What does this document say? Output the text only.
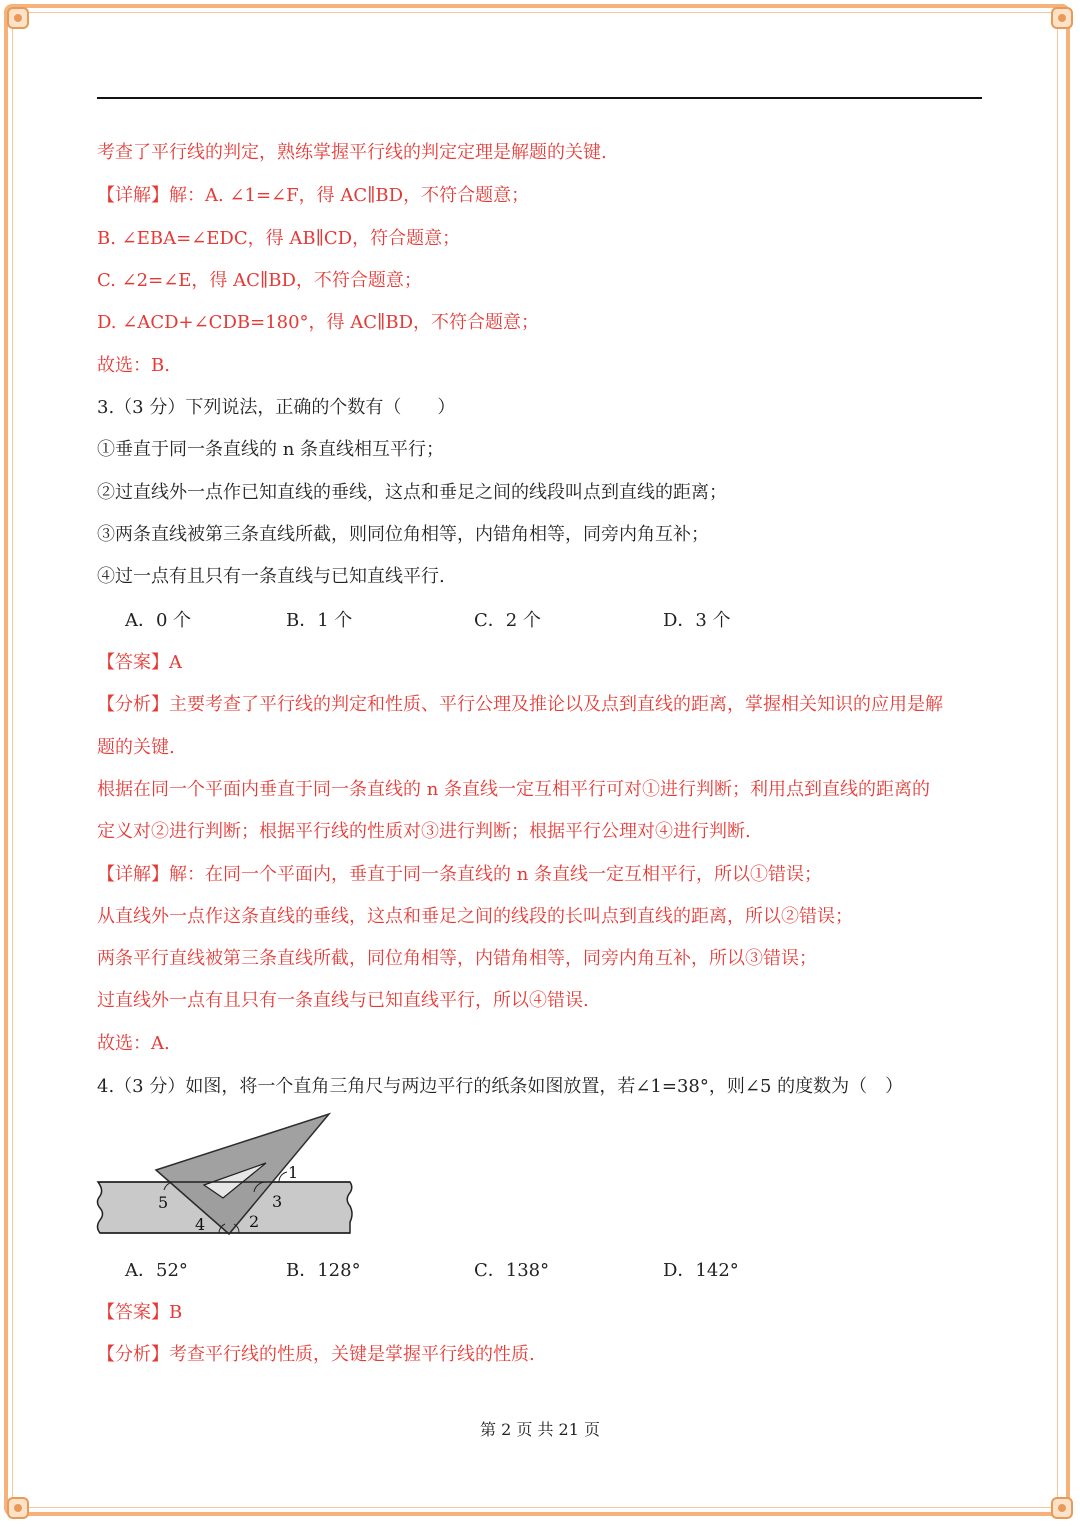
考查了平行线的判定，熟练掌握平行线的判定定理是解题的关键.
【详解】解：A. ∠1=∠F，得 AC∥BD，不符合题意；
B. ∠EBA=∠EDC，得 AB∥CD，符合题意；
C. ∠2=∠E，得 AC∥BD，不符合题意；
D. ∠ACD+∠CDB=180°，得 AC∥BD，不符合题意；
故选：B.
3.（3 分）下列说法，正确的个数有（　　）
①垂直于同一条直线的 n 条直线相互平行；
②过直线外一点作已知直线的垂线，这点和垂足之间的线段叫点到直线的距离；
③两条直线被第三条直线所截，则同位角相等，内错角相等，同旁内角互补；
④过一点有且只有一条直线与已知直线平行.
A．0 个	B．1 个	C．2 个	D．3 个
【答案】A
【分析】主要考查了平行线的判定和性质、平行公理及推论以及点到直线的距离，掌握相关知识的应用是解
题的关键.
根据在同一个平面内垂直于同一条直线的 n 条直线一定互相平行可对①进行判断；利用点到直线的距离的
定义对②进行判断；根据平行线的性质对③进行判断；根据平行公理对④进行判断.
【详解】解：在同一个平面内，垂直于同一条直线的 n 条直线一定互相平行，所以①错误；
从直线外一点作这条直线的垂线，这点和垂足之间的线段的长叫点到直线的距离，所以②错误；
两条平行直线被第三条直线所截，同位角相等，内错角相等，同旁内角互补，所以③错误；
过直线外一点有且只有一条直线与已知直线平行，所以④错误.
故选：A.
4.（3 分）如图，将一个直角三角尺与两边平行的纸条如图放置，若∠1=38°，则∠5 的度数为（　）
1
2
3
4
5
A．52°	B．128°	C．138°	D．142°
【答案】B
【分析】考查平行线的性质，关键是掌握平行线的性质.
第 2 页 共 21 页
